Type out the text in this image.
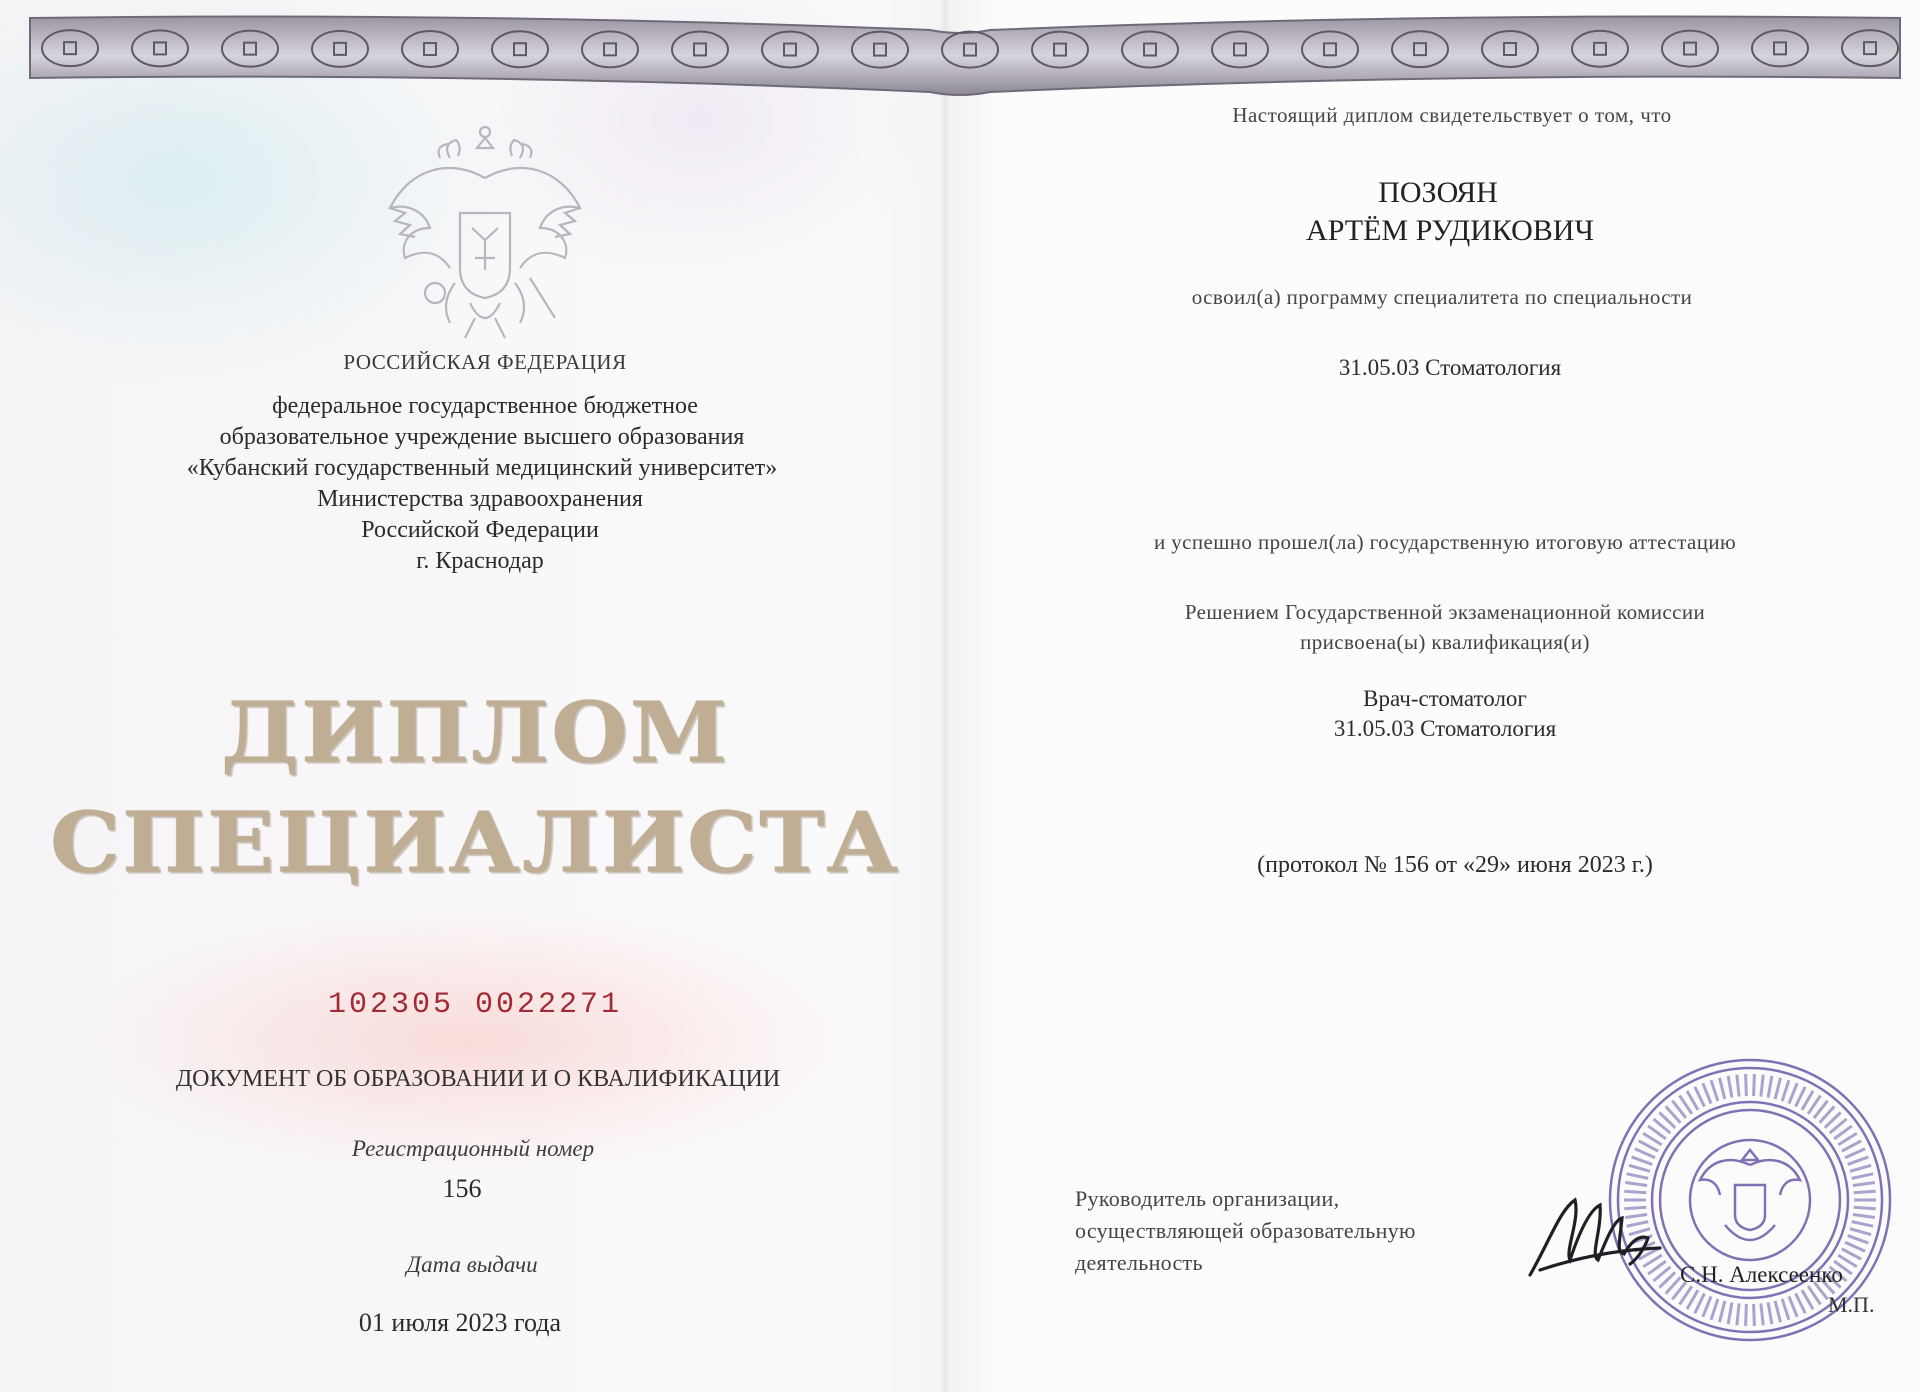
РОССИЙСКАЯ ФЕДЕРАЦИЯ

федеральное государственное бюджетное

образовательное учреждение высшего образования

«Кубанский государственный медицинский университет»

Министерства здравоохранения

Российской Федерации

г. Краснодар

ДИПЛОМ

СПЕЦИАЛИСТА

102305 0022271

ДОКУМЕНТ ОБ ОБРАЗОВАНИИ И О КВАЛИФИКАЦИИ

Регистрационный номер

156

Дата выдачи

01 июля 2023 года

Настоящий диплом свидетельствует о том, что

ПОЗОЯН

АРТЁМ РУДИКОВИЧ

освоил(а) программу специалитета по специальности

31.05.03 Стоматология

и успешно прошел(ла) государственную итоговую аттестацию

Решением Государственной экзаменационной комиссии

присвоена(ы) квалификация(и)

Врач-стоматолог

31.05.03 Стоматология

(протокол № 156 от «29» июня 2023 г.)

Руководитель организации,

осуществляющей образовательную

деятельность	С.Н. Алексеенко

М.П.
